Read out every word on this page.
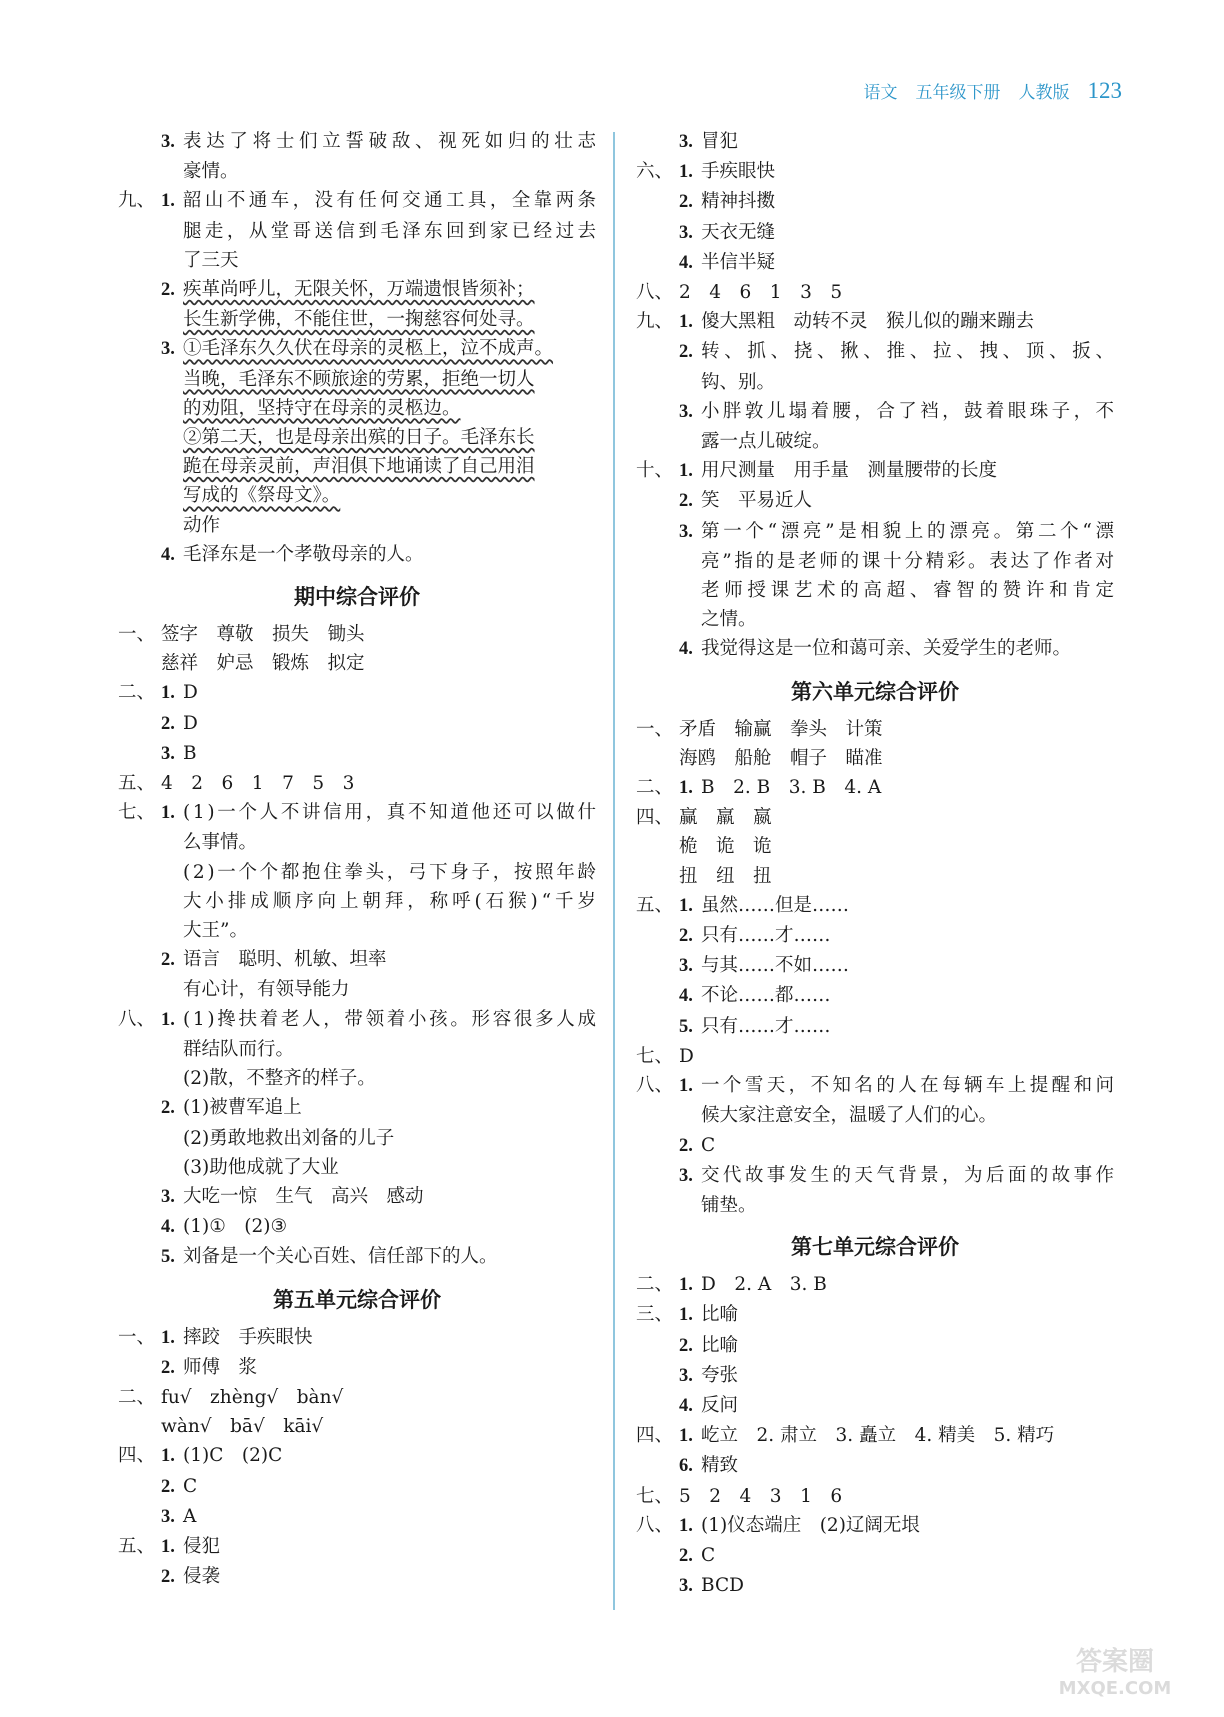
语文 五年级下册 人教版 123
3. 表达了将士们立誓破敌、视死如归的壮志
豪情。
九、 1. 韶山不通车，没有任何交通工具，全靠两条
腿走，从堂哥送信到毛泽东回到家已经过去
了三天
2. 疾革尚呼儿，无限关怀，万端遗恨皆须补；
长生新学佛，不能住世，一掬慈容何处寻。
3. ①毛泽东久久伏在母亲的灵柩上，泣不成声。
当晚，毛泽东不顾旅途的劳累，拒绝一切人
的劝阻，坚持守在母亲的灵柩边。
②第二天，也是母亲出殡的日子。毛泽东长
跪在母亲灵前，声泪俱下地诵读了自己用泪
写成的《祭母文》。
动作
4. 毛泽东是一个孝敬母亲的人。
期中综合评价
一、 签字　尊敬　损失　锄头
慈祥　妒忌　锻炼　拟定
二、 1. D
2. D
3. B
五、 4　2　6　1　7　5　3
七、 1. (1)一个人不讲信用，真不知道他还可以做什
么事情。
(2)一个个都抱住拳头，弓下身子，按照年龄
大小排成顺序向上朝拜，称呼(石猴)“千岁
大王”。
2. 语言　聪明、机敏、坦率
有心计，有领导能力
八、 1. (1)搀扶着老人，带领着小孩。形容很多人成
群结队而行。
(2)散，不整齐的样子。
2. (1)被曹军追上
(2)勇敢地救出刘备的儿子
(3)助他成就了大业
3. 大吃一惊　生气　高兴　感动
4. (1)①　(2)③
5. 刘备是一个关心百姓、信任部下的人。
第五单元综合评价
一、 1. 摔跤　手疾眼快
2. 师傅　浆
二、 fu√　zhèng√　bàn√
wàn√　bā√　kāi√
四、 1. (1)C　(2)C
2. C
3. A
五、 1. 侵犯
2. 侵袭
3. 冒犯
六、 1. 手疾眼快
2. 精神抖擞
3. 天衣无缝
4. 半信半疑
八、 2　4　6　1　3　5
九、 1. 傻大黑粗　动转不灵　猴儿似的蹦来蹦去
2. 转、抓、挠、揪、推、拉、拽、顶、扳、
钩、别。
3. 小胖敦儿塌着腰，合了裆，鼓着眼珠子，不
露一点儿破绽。
十、 1. 用尺测量　用手量　测量腰带的长度
2. 笑　平易近人
3. 第一个“漂亮”是相貌上的漂亮。第二个“漂
亮”指的是老师的课十分精彩。表达了作者对
老师授课艺术的高超、睿智的赞许和肯定
之情。
4. 我觉得这是一位和蔼可亲、关爱学生的老师。
第六单元综合评价
一、 矛盾　输赢　拳头　计策
海鸥　船舱　帽子　瞄准
二、 1. B　2. B　3. B　4. A
四、 赢　羸　嬴
桅　诡　诡
扭　纽　扭
五、 1. 虽然……但是……
2. 只有……才……
3. 与其……不如……
4. 不论……都……
5. 只有……才……
七、 D
八、 1. 一个雪天，不知名的人在每辆车上提醒和问
候大家注意安全，温暖了人们的心。
2. C
3. 交代故事发生的天气背景，为后面的故事作
铺垫。
第七单元综合评价
二、 1. D　2. A　3. B
三、 1. 比喻
2. 比喻
3. 夸张
4. 反问
四、 1. 屹立　2. 肃立　3. 矗立　4. 精美　5. 精巧
6. 精致
七、 5　2　4　3　1　6
八、 1. (1)仪态端庄　(2)辽阔无垠
2. C
3. BCD
答案圈
MXQE.COM
